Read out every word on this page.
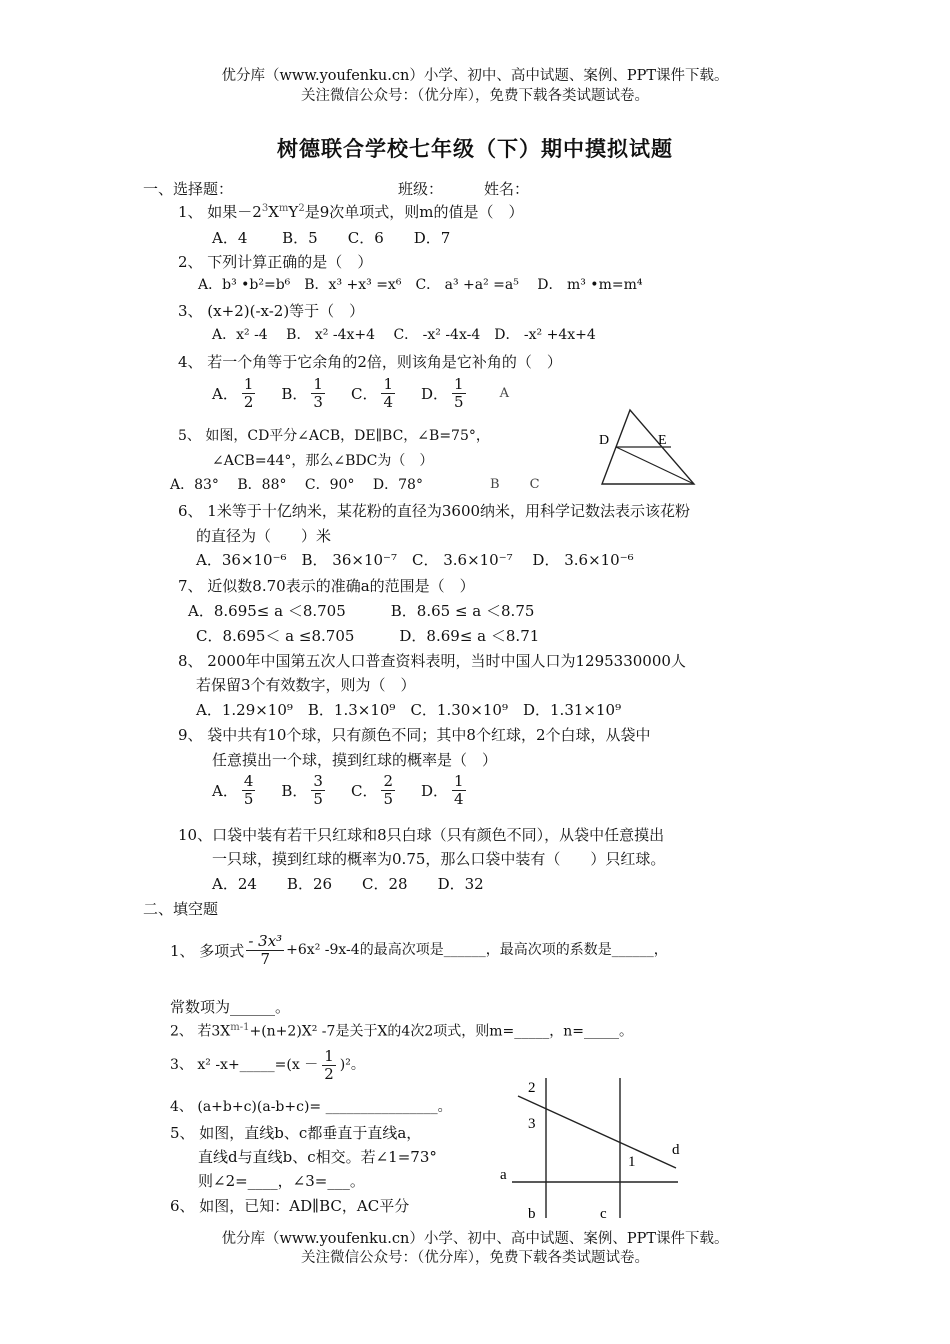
优分库（www.youfenku.cn）小学、初中、高中试题、案例、PPT课件下载。
关注微信公众号：（优分库），免费下载各类试题试卷。
树德联合学校七年级（下）期中摸拟试题
一、选择题：	班级：	姓名：
1、 如果$-2^3X^mY^2$是9次单项式，则m的值是（　）
A．4　　 B．5　　C．6　　D．7
2、 下列计算正确的是（　）
A．b³ •b²=b⁶　B．x³ +x³ =x⁶　C． a³ +a² =a⁵　 D． m³ •m=m⁴
3、 (x+2)(-x-2)等于（　）
A．x² -4　 B． x² -4x+4　 C． -x² -4x-4　D． -x² +4x+4
4、 若一个角等于它余角的2倍，则该角是它补角的（　）
A． $\frac{1}{2}$ B． $\frac{1}{3}$ C． $\frac{1}{4}$ D． $\frac{1}{5}$	A
5、 如图，CD平分∠ACB，DE∥BC，∠B=75°，
∠ACB=44°，那么∠BDC为（　）
A．83°　 B．88°　 C．90°　 D．78°	B　　 C
D	E
6、 1米等于十亿纳米，某花粉的直径为3600纳米，用科学记数法表示该花粉
的直径为（　　）米
A．36×10⁻⁶　B． 36×10⁻⁷　C． 3.6×10⁻⁷　 D． 3.6×10⁻⁶
7、 近似数8.70表示的准确a的范围是（　）
A．8.695≤ a ＜8.705　　　B．8.65 ≤ a ＜8.75
C．8.695＜ a ≤8.705　　　D．8.69≤ a ＜8.71
8、 2000年中国第五次人口普查资料表明，当时中国人口为1295330000人
若保留3个有效数字，则为（　）
A．1.29×10⁹　B．1.3×10⁹　C．1.30×10⁹　D．1.31×10⁹
9、 袋中共有10个球，只有颜色不同；其中8个红球，2个白球，从袋中
任意摸出一个球，摸到红球的概率是（　）
A． $\frac{4}{5}$ B． $\frac{3}{5}$ C． $\frac{2}{5}$ D． $\frac{1}{4}$
10、口袋中装有若干只红球和8只白球（只有颜色不同），从袋中任意摸出
一只球，摸到红球的概率为0.75，那么口袋中装有（　　）只红球。
A．24　　B．26　　C．28　　D．32
二、填空题
1、 多项式 $\frac{\text{- 3x³}}{7} +6x^2$ -9x-4的最高次项是______，最高次项的系数是______，
常数项为______。
2、 若$3X^{m-1}+(n+2)X^2$ -7是关于X的4次2项式，则m=_____，n=_____。
3、 x² -x+_____=(x － $\frac{1}{2} )^2$。
4、 (a+b+c)(a-b+c)= ________________。
5、 如图，直线b、c都垂直于直线a，
直线d与直线b、c相交。若∠1=73°
则∠2=____，∠3=___。
6、 如图，已知：AD∥BC，AC平分
2
3
1
d
a
b	c
优分库（www.youfenku.cn）小学、初中、高中试题、案例、PPT课件下载。
关注微信公众号：（优分库），免费下载各类试题试卷。
